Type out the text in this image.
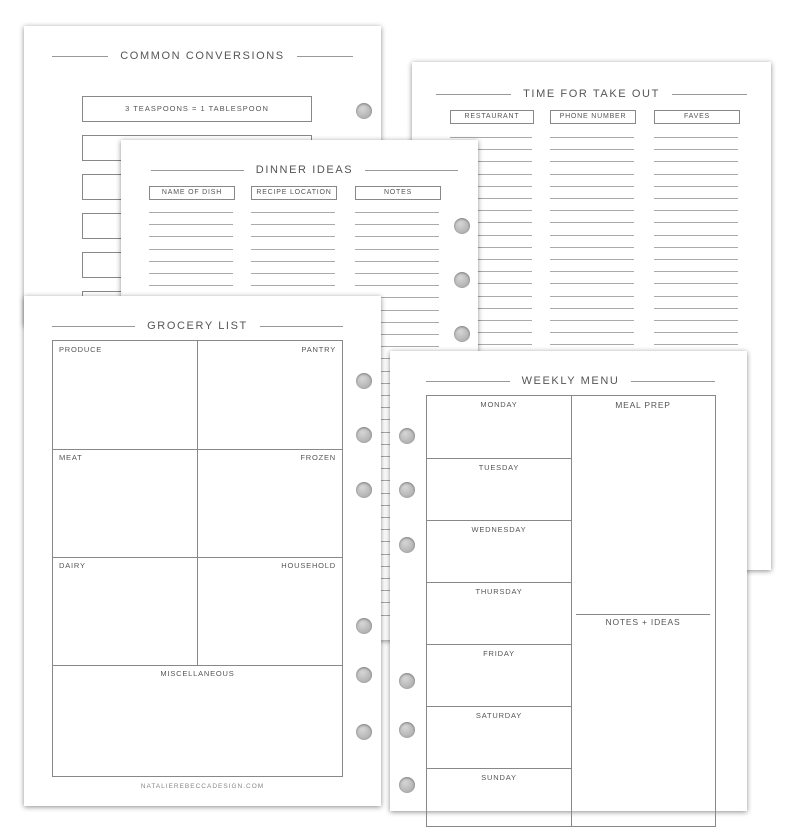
COMMON CONVERSIONS
3 TEASPOONS = 1 TABLESPOON
TIME FOR TAKE OUT
RESTAURANT	PHONE NUMBER	FAVES
DINNER IDEAS
NAME OF DISH	RECIPE LOCATION	NOTES
GROCERY LIST
PRODUCE	PANTRY
MEAT	FROZEN
DAIRY	HOUSEHOLD
MISCELLANEOUS
NATALIEREBECCADESIGN.COM
WEEKLY MENU
MONDAY
TUESDAY
WEDNESDAY
THURSDAY
FRIDAY
SATURDAY
SUNDAY
MEAL PREP
NOTES + IDEAS
